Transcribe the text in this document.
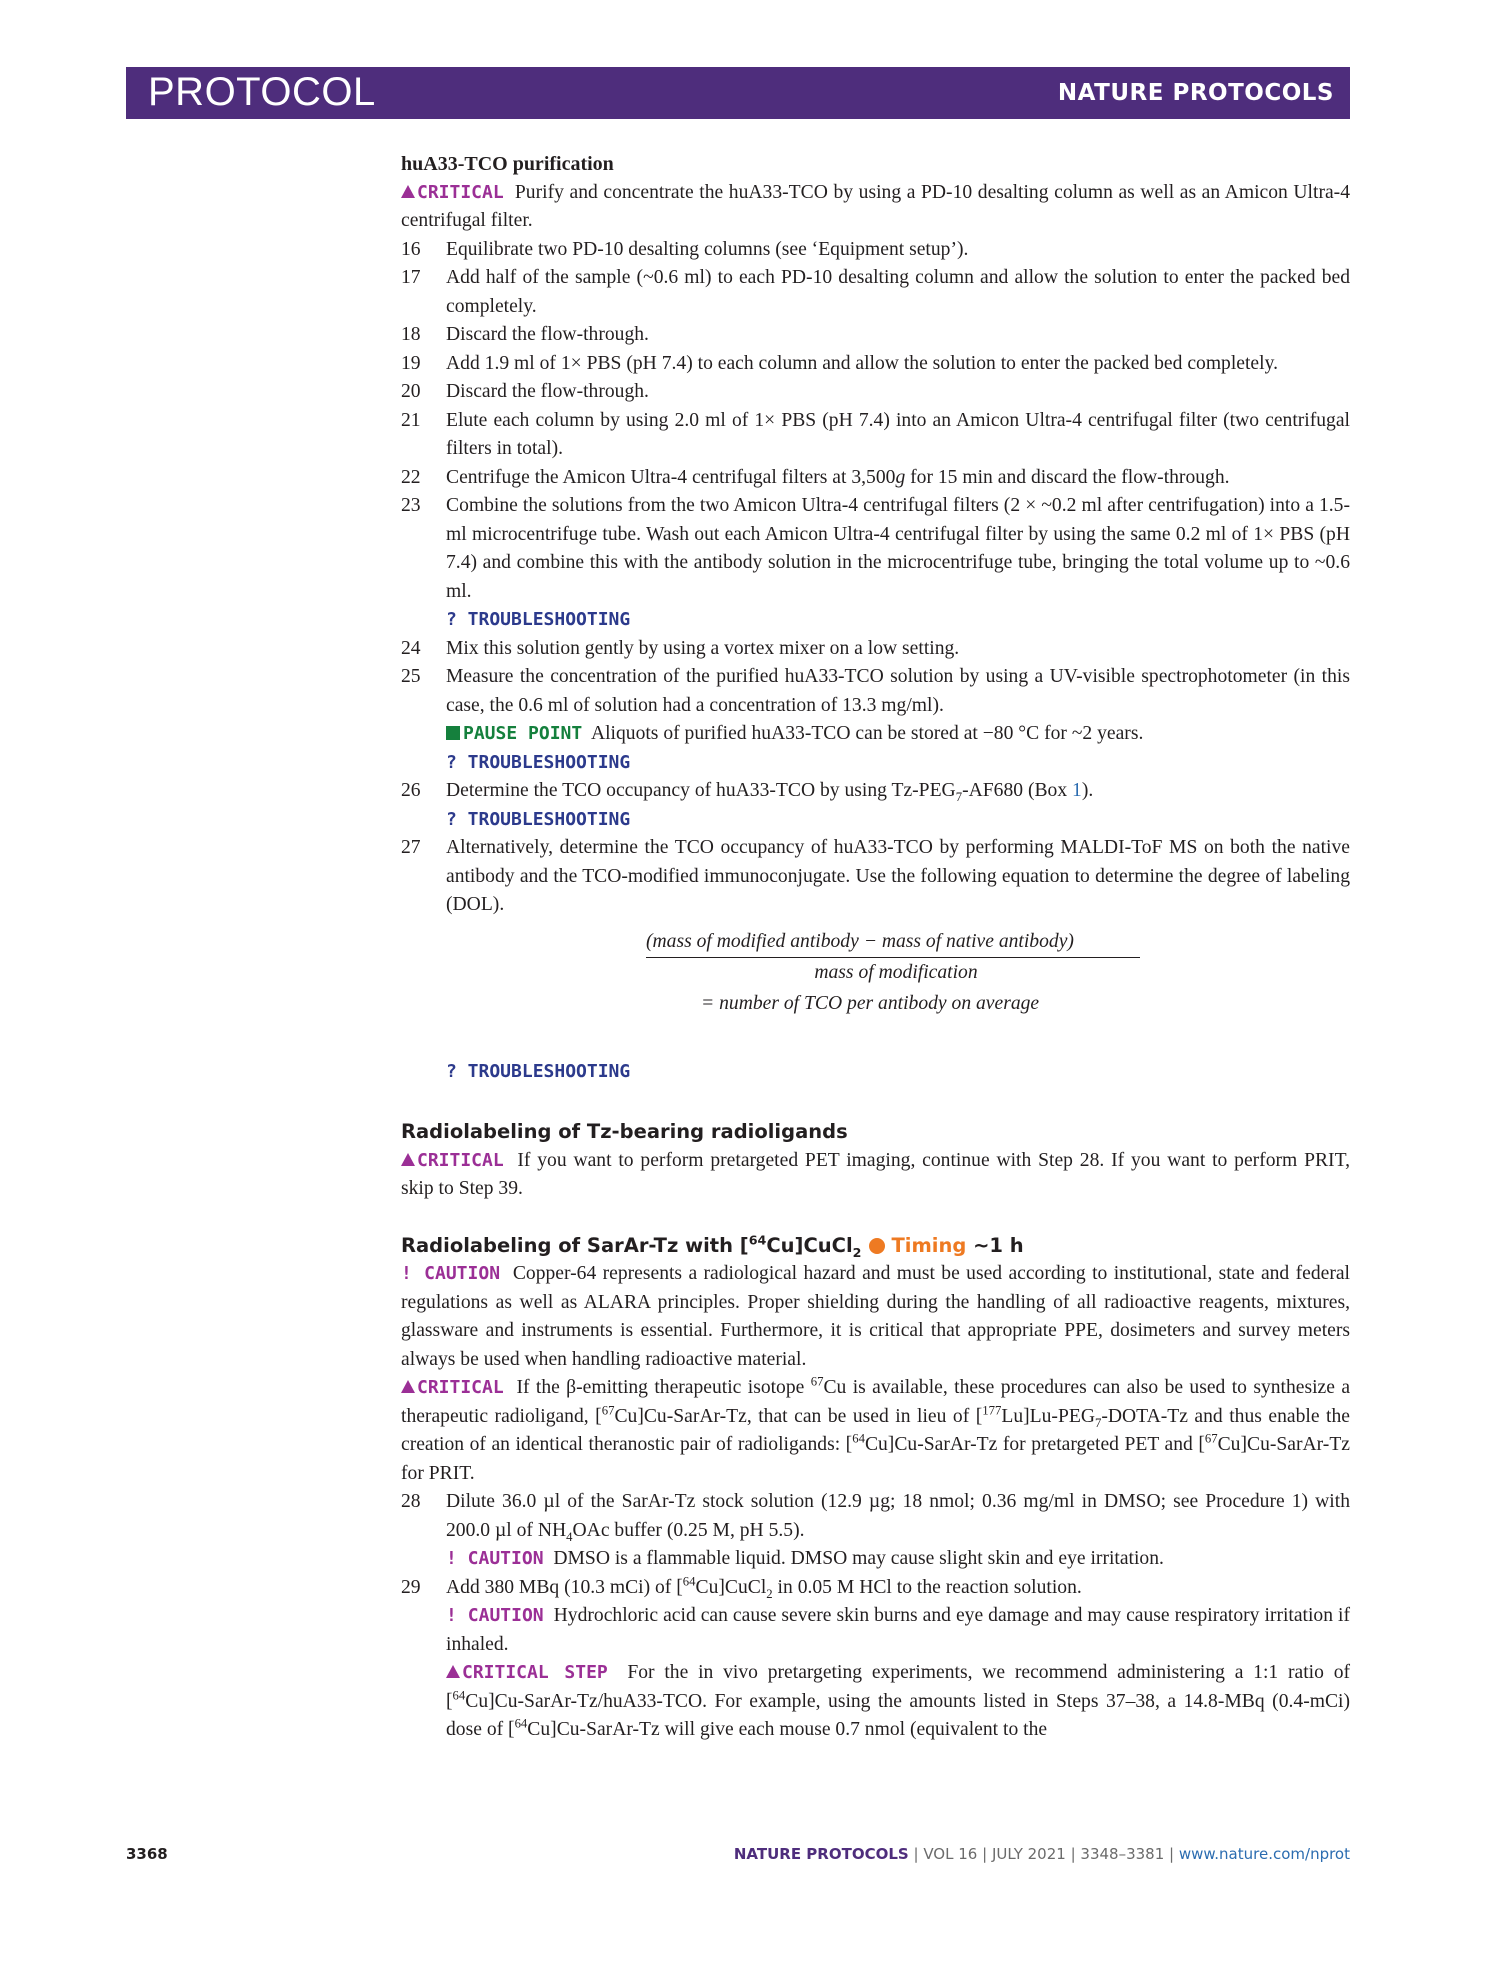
PROTOCOL	NATURE PROTOCOLS

huA33-TCO purification

CRITICAL Purify and concentrate the huA33-TCO by using a PD-10 desalting column as well as an Amicon Ultra-4 centrifugal filter.

16 Equilibrate two PD-10 desalting columns (see ‘Equipment setup’).

17 Add half of the sample (~0.6 ml) to each PD-10 desalting column and allow the solution to enter the packed bed completely.

18 Discard the flow-through.

19 Add 1.9 ml of 1× PBS (pH 7.4) to each column and allow the solution to enter the packed bed completely.

20 Discard the flow-through.

21 Elute each column by using 2.0 ml of 1× PBS (pH 7.4) into an Amicon Ultra-4 centrifugal filter (two centrifugal filters in total).

22 Centrifuge the Amicon Ultra-4 centrifugal filters at 3,500g for 15 min and discard the flow-through.

23 Combine the solutions from the two Amicon Ultra-4 centrifugal filters (2 × ~0.2 ml after centrifugation) into a 1.5-ml microcentrifuge tube. Wash out each Amicon Ultra-4 centrifugal filter by using the same 0.2 ml of 1× PBS (pH 7.4) and combine this with the antibody solution in the microcentrifuge tube, bringing the total volume up to ~0.6 ml.

? TROUBLESHOOTING

24 Mix this solution gently by using a vortex mixer on a low setting.

25 Measure the concentration of the purified huA33-TCO solution by using a UV-visible spectrophotometer (in this case, the 0.6 ml of solution had a concentration of 13.3 mg/ml).

PAUSE POINT Aliquots of purified huA33-TCO can be stored at −80 °C for ~2 years.

? TROUBLESHOOTING

26 Determine the TCO occupancy of huA33-TCO by using $Tz-PEG_7-AF680$ (Box 1).

? TROUBLESHOOTING

27 Alternatively, determine the TCO occupancy of huA33-TCO by performing MALDI-ToF MS on both the native antibody and the TCO-modified immunoconjugate. Use the following equation to determine the degree of labeling (DOL).

(mass of modified antibody − mass of native antibody)
mass of modification
= number of TCO per antibody on average

? TROUBLESHOOTING

Radiolabeling of Tz-bearing radioligands

CRITICAL If you want to perform pretargeted PET imaging, continue with Step 28. If you want to perform PRIT, skip to Step 39.

Radiolabeling of SarAr-Tz with [$^{64}$Cu]CuCl$_2$ Timing ~1 h

! CAUTION Copper-64 represents a radiological hazard and must be used according to institutional, state and federal regulations as well as ALARA principles. Proper shielding during the handling of all radioactive reagents, mixtures, glassware and instruments is essential. Furthermore, it is critical that appropriate PPE, dosimeters and survey meters always be used when handling radioactive material.

CRITICAL If the β-emitting therapeutic isotope $^{67}$Cu is available, these procedures can also be used to synthesize a therapeutic radioligand, [$^{67}$Cu]Cu-SarAr-Tz, that can be used in lieu of $[^{177}Lu]Lu-PEG_7-DOTA-Tz$ and thus enable the creation of an identical theranostic pair of radioligands: [$^{64}$Cu]Cu-SarAr-Tz for pretargeted PET and [$^{67}$Cu]Cu-SarAr-Tz for PRIT.

28 Dilute 36.0 µl of the SarAr-Tz stock solution (12.9 µg; 18 nmol; 0.36 mg/ml in DMSO; see Procedure 1) with 200.0 µl of $NH_4OAc$ buffer (0.25 M, pH 5.5).

! CAUTION DMSO is a flammable liquid. DMSO may cause slight skin and eye irritation.

29 Add 380 MBq (10.3 mCi) of [$^{64}$Cu]CuCl$_2$ in 0.05 M HCl to the reaction solution.

! CAUTION Hydrochloric acid can cause severe skin burns and eye damage and may cause respiratory irritation if inhaled.

CRITICAL STEP For the in vivo pretargeting experiments, we recommend administering a 1:1 ratio of [$^{64}$Cu]Cu-SarAr-Tz/huA33-TCO. For example, using the amounts listed in Steps 37–38, a 14.8-MBq (0.4-mCi) dose of [$^{64}$Cu]Cu-SarAr-Tz will give each mouse 0.7 nmol (equivalent to the

3368	NATURE PROTOCOLS | VOL 16 | JULY 2021 | 3348–3381 | www.nature.com/nprot
